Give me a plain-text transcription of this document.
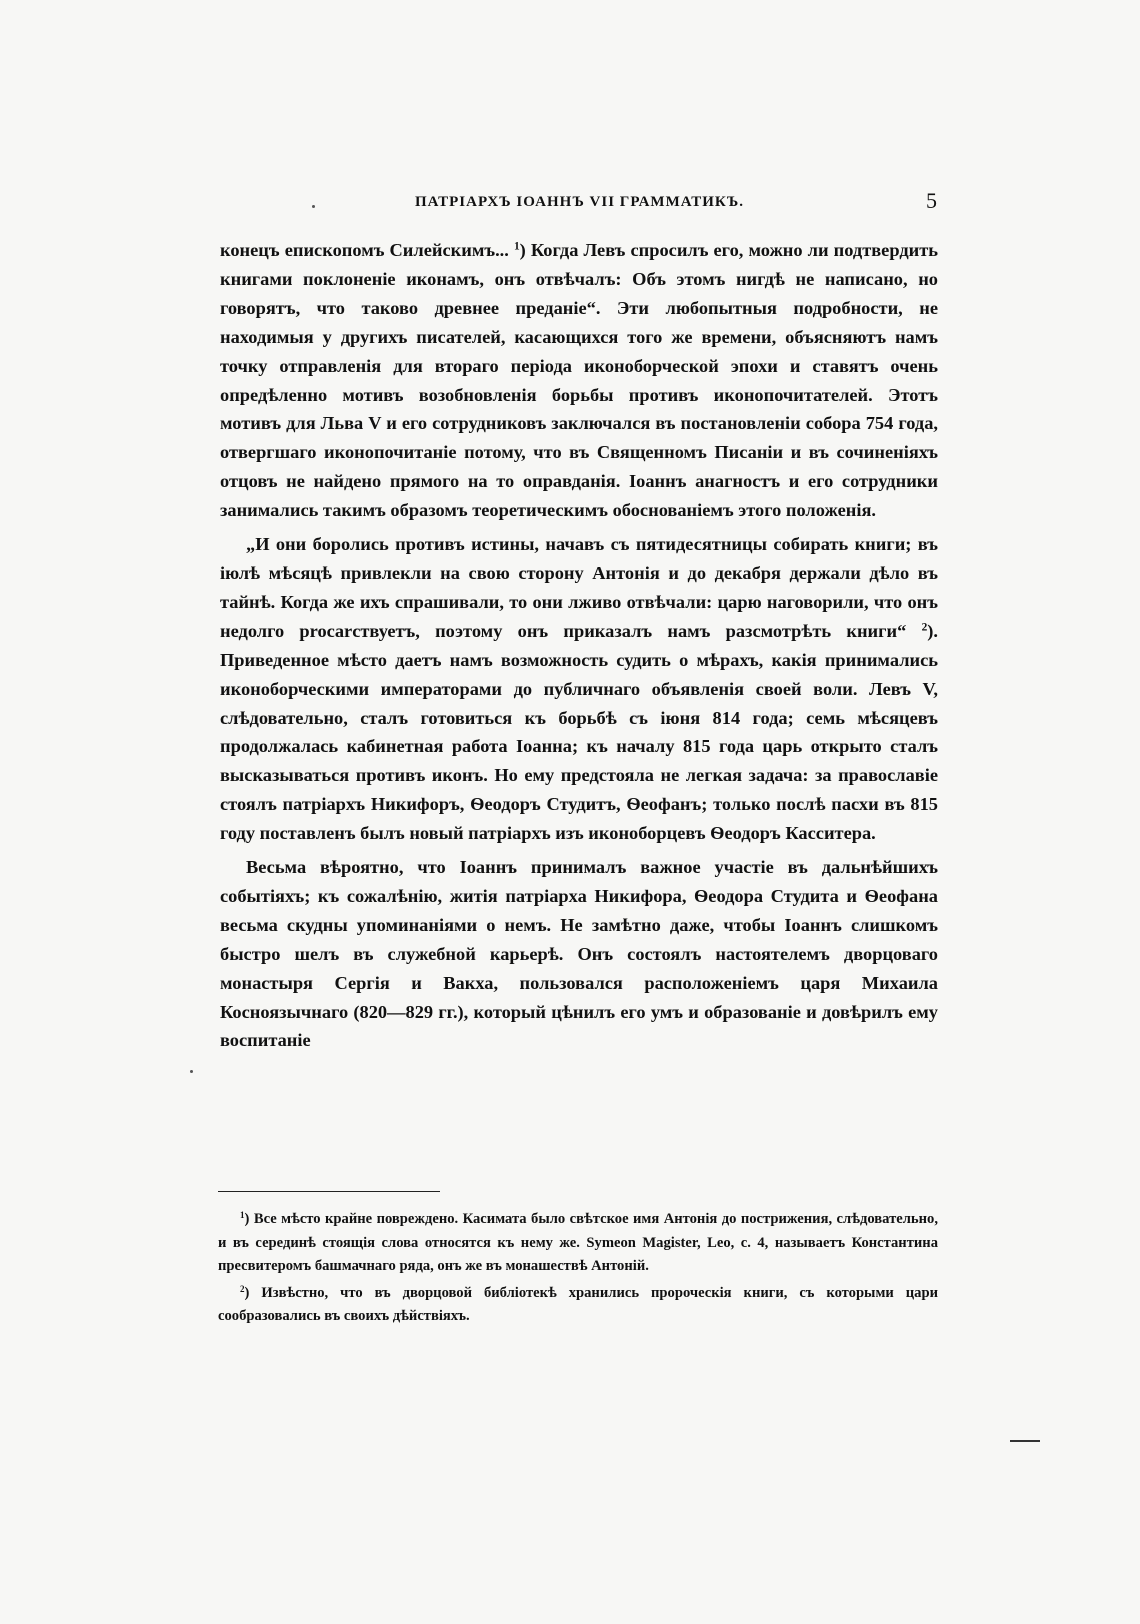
ПАТРІАРХЪ ІОАННЪ VII ГРАММАТИКЪ.	5

конецъ епископомъ Силейскимъ... $^1$) Когда Левъ спросилъ его, можно ли подтвердить книгами поклоненіе иконамъ, онъ отвѣчалъ: Объ этомъ нигдѣ не написано, но говорятъ, что таково древнее преданіе“. Эти любопытныя подробности, не находимыя у другихъ писателей, касающихся того же времени, объясняютъ намъ точку отправленія для втораго періода иконоборческой эпохи и ставятъ очень опредѣленно мотивъ возобновленія борьбы противъ иконопочитателей. Этотъ мотивъ для Льва V и его сотрудниковъ заключался въ постановленіи собора 754 года, отвергшаго иконопочитаніе потому, что въ Священномъ Писаніи и въ сочиненіяхъ отцовъ не найдено прямого на то оправданія. Іоаннъ анагностъ и его сотрудники занимались такимъ образомъ теоретическимъ обоснованіемъ этого положенія.

„И они боролись противъ истины, начавъ съ пятидесятницы собирать книги; въ іюлѣ мѣсяцѣ привлекли на свою сторону Антонія и до декабря держали дѣло въ тайнѣ. Когда же ихъ спрашивали, то они лживо отвѣчали: царю наговорили, что онъ недолго procarствуетъ, поэтому онъ приказалъ намъ разсмотрѣть книги“ $^2$). Приведенное мѣсто даетъ намъ возможность судить о мѣрахъ, какія принимались иконоборческими императорами до публичнаго объявленія своей воли. Левъ V, слѣдовательно, сталъ готовиться къ борьбѣ съ іюня 814 года; семь мѣсяцевъ продолжалась кабинетная работа Іоанна; къ началу 815 года царь открыто сталъ высказываться противъ иконъ. Но ему предстояла не легкая задача: за православіе стоялъ патріархъ Никифоръ, Ѳеодоръ Студитъ, Ѳеофанъ; только послѣ пасхи въ 815 году поставленъ былъ новый патріархъ изъ иконоборцевъ Ѳеодоръ Касситера.

Весьма вѣроятно, что Іоаннъ принималъ важное участіе въ дальнѣйшихъ событіяхъ; къ сожалѣнію, житія патріарха Никифора, Ѳеодора Студита и Ѳеофана весьма скудны упоминаніями о немъ. Не замѣтно даже, чтобы Іоаннъ слишкомъ быстро шелъ въ служебной карьерѣ. Онъ состоялъ настоятелемъ дворцоваго монастыря Сергія и Вакха, пользовался расположеніемъ царя Михаила Косноязычнаго (820—829 гг.), который цѣнилъ его умъ и образованіе и довѣрилъ ему воспитаніе

$^1$) Все мѣсто крайне повреждено. Касимата было свѣтское имя Антонія до пострижения, слѣдовательно, и въ серединѣ стоящія слова относятся къ нему же. Symeon Magister, Leo, c. 4, называетъ Константина пресвитеромъ башмачнаго ряда, онъ же въ монашествѣ Антоній.

$^2$) Извѣстно, что въ дворцовой библіотекѣ хранились пророческія книги, съ которыми цари сообразовались въ своихъ дѣйствіяхъ.
